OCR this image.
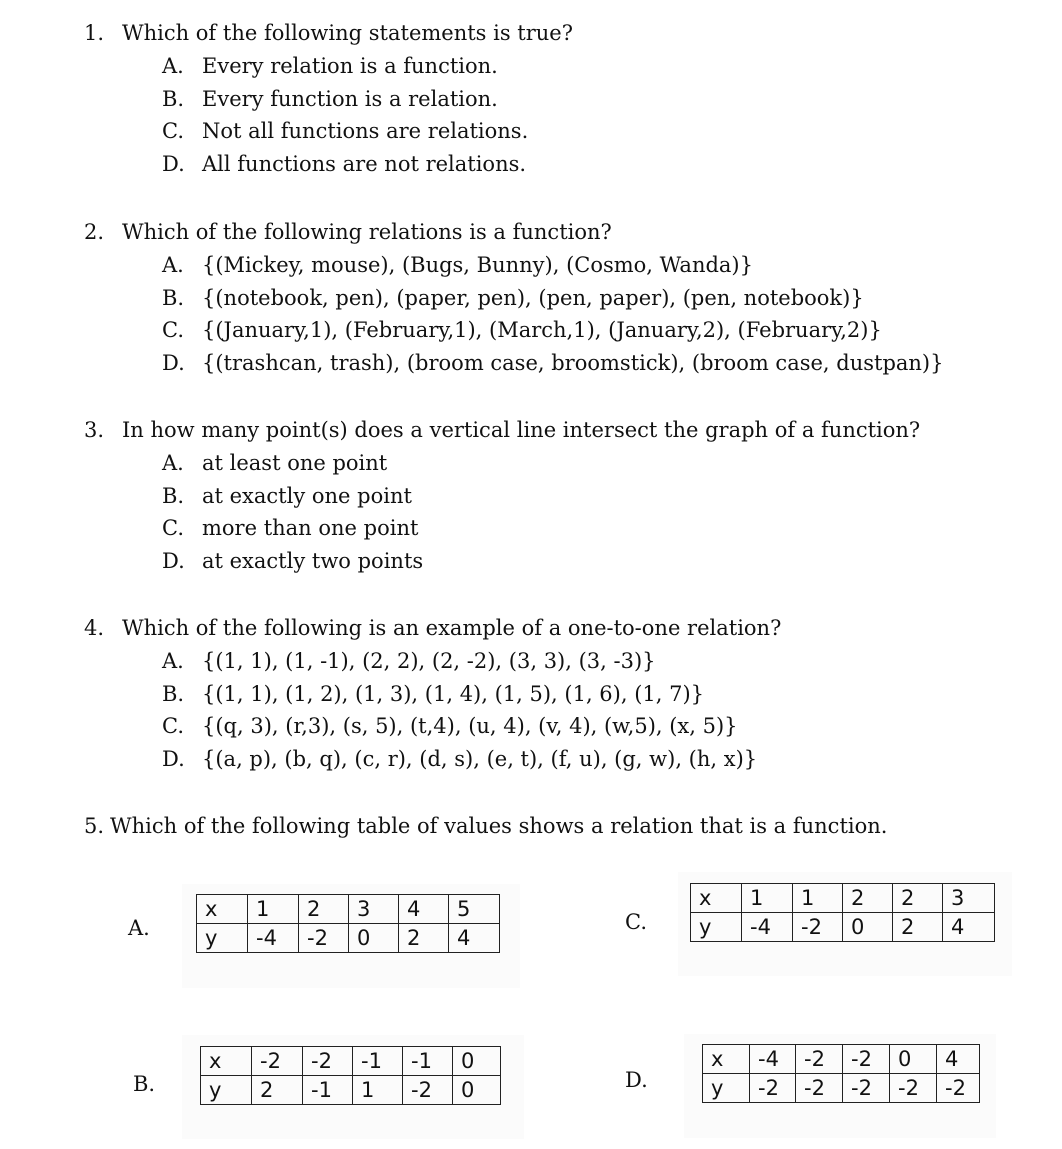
1. Which of the following statements is true?
A. Every relation is a function.
B. Every function is a relation.
C. Not all functions are relations.
D. All functions are not relations.
2. Which of the following relations is a function?
A. {(Mickey, mouse), (Bugs, Bunny), (Cosmo, Wanda)}
B. {(notebook, pen), (paper, pen), (pen, paper), (pen, notebook)}
C. {(January,1), (February,1), (March,1), (January,2), (February,2)}
D. {(trashcan, trash), (broom case, broomstick), (broom case, dustpan)}
3. In how many point(s) does a vertical line intersect the graph of a function?
A. at least one point
B. at exactly one point
C. more than one point
D. at exactly two points
4. Which of the following is an example of a one-to-one relation?
A. {(1, 1), (1, -1), (2, 2), (2, -2), (3, 3), (3, -3)}
B. {(1, 1), (1, 2), (1, 3), (1, 4), (1, 5), (1, 6), (1, 7)}
C. {(q, 3), (r,3), (s, 5), (t,4), (u, 4), (v, 4), (w,5), (x, 5)}
D. {(a, p), (b, q), (c, r), (d, s), (e, t), (f, u), (g, w), (h, x)}
5. Which of the following table of values shows a relation that is a function.
A.
x	1	2	3	4	5
y	-4	-2	0	2	4
B.
x	-2	-2	-1	-1	0
y	2	-1	1	-2	0
C.
x	1	1	2	2	3
y	-4	-2	0	2	4
D.
x	-4	-2	-2	0	4
y	-2	-2	-2	-2	-2
